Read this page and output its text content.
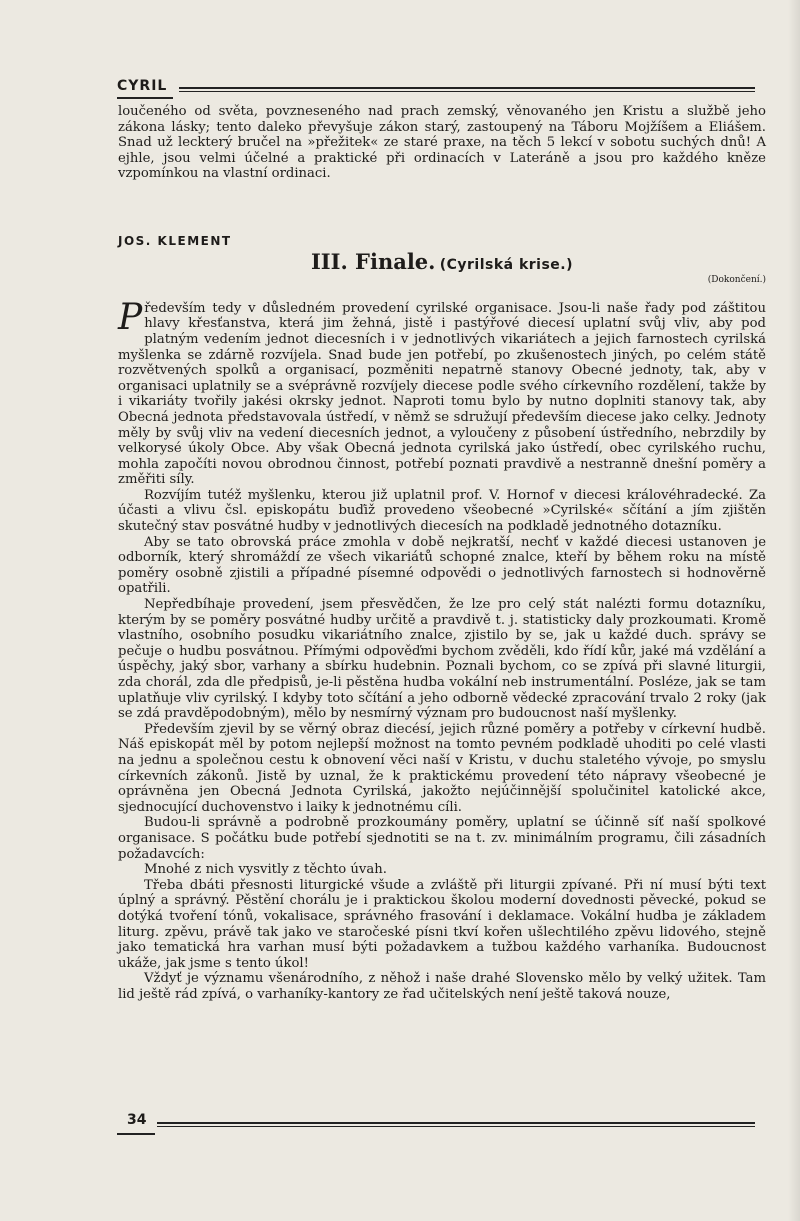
CYRIL

loučeného od světa, povzneseného nad prach zemský, věnovaného jen Kristu a službě jeho zákona lásky; tento daleko převyšuje zákon starý, zastoupený na Táboru Mojžíšem a Eliášem. Snad už leckterý bručel na »přežitek« ze staré praxe, na těch 5 lekcí v sobotu suchých dnů! A ejhle, jsou velmi účelné a praktické při ordinacích v Lateráně a jsou pro každého kněze vzpomínkou na vlastní ordinaci.

JOS. KLEMENT
III. Finale. (Cyrilská krise.)
(Dokončení.)

Především tedy v důsledném provedení cyrilské organisace. Jsou-li naše řady pod záštitou hlavy křesťanstva, která jim žehná, jistě i pastýřové diecesí uplatní svůj vliv, aby pod platným vedením jednot diecesních i v jednotlivých vikariátech a jejich farnostech cyrilská myšlenka se zdárně rozvíjela. Snad bude jen potřebí, po zkušenostech jiných, po celém státě rozvětvených spolků a organisací, pozměniti nepatrně stanovy Obecné jednoty, tak, aby v organisaci uplatnily se a svéprávně rozvíjely diecese podle svého církevního rozdělení, takže by i vikariáty tvořily jakési okrsky jednot. Naproti tomu bylo by nutno doplniti stanovy tak, aby Obecná jednota představovala ústředí, v němž se sdružují především diecese jako celky. Jednoty měly by svůj vliv na vedení diecesních jednot, a vyloučeny z působení ústředního, nebrzdily by velkorysé úkoly Obce. Aby však Obecná jednota cyrilská jako ústředí, obec cyrilského ruchu, mohla započíti novou obrodnou činnost, potřebí poznati pravdivě a nestranně dnešní poměry a změřiti síly.

Rozvíjím tutéž myšlenku, kterou již uplatnil prof. V. Hornof v diecesi královéhradecké. Za účasti a vlivu čsl. episkopátu buďiž provedeno všeobecné »Cyrilské« sčítání a jím zjištěn skutečný stav posvátné hudby v jednotlivých diecesích na podkladě jednotného dotazníku.

Aby se tato obrovská práce zmohla v době nejkratší, nechť v každé diecesi ustanoven je odborník, který shromáždí ze všech vikariátů schopné znalce, kteří by během roku na místě poměry osobně zjistili a případné písemné odpovědi o jednotlivých farnostech si hodnověrně opatřili.

Nepředbíhaje provedení, jsem přesvědčen, že lze pro celý stát nalézti formu dotazníku, kterým by se poměry posvátné hudby určitě a pravdivě t. j. statisticky daly prozkoumati. Kromě vlastního, osobního posudku vikariátního znalce, zjistilo by se, jak u každé duch. správy se pečuje o hudbu posvátnou. Přímými odpověďmi bychom zvěděli, kdo řídí kůr, jaké má vzdělání a úspěchy, jaký sbor, varhany a sbírku hudebnin. Poznali bychom, co se zpívá při slavné liturgii, zda chorál, zda dle předpisů, je-li pěstěna hudba vokální neb instrumentální. Posléze, jak se tam uplatňuje vliv cyrilský. I kdyby toto sčítání a jeho odborně vědecké zpracování trvalo 2 roky (jak se zdá pravděpodobným), mělo by nesmírný význam pro budoucnost naší myšlenky.

Především zjevil by se věrný obraz diecésí, jejich různé poměry a potřeby v církevní hudbě. Náš episkopát měl by potom nejlepší možnost na tomto pevném podkladě uhoditi po celé vlasti na jednu a společnou cestu k obnovení věci naší v Kristu, v duchu staletého vývoje, po smyslu církevních zákonů. Jistě by uznal, že k praktickému provedení této nápravy všeobecné je oprávněna jen Obecná Jednota Cyrilská, jakožto nejúčinnější spolučinitel katolické akce, sjednocující duchovenstvo i laiky k jednotnému cíli.

Budou-li správně a podrobně prozkoumány poměry, uplatní se účinně síť naší spolkové organisace. S počátku bude potřebí sjednotiti se na t. zv. minimálním programu, čili zásadních požadavcích:

Mnohé z nich vysvitly z těchto úvah.

Třeba dbáti přesnosti liturgické všude a zvláště při liturgii zpívané. Při ní musí býti text úplný a správný. Pěstění chorálu je i praktickou školou moderní dovednosti pěvecké, pokud se dotýká tvoření tónů, vokalisace, správného frasování i deklamace. Vokální hudba je základem liturg. zpěvu, právě tak jako ve staročeské písni tkví kořen ušlechtilého zpěvu lidového, stejně jako tematická hra varhan musí býti požadavkem a tužbou každého varhaníka. Budoucnost ukáže, jak jsme s tento úkol!

Vždyť je významu všenárodního, z něhož i naše drahé Slovensko mělo by velký užitek. Tam lid ještě rád zpívá, o varhaníky-kantory ze řad učitelských není ještě taková nouze,

34
